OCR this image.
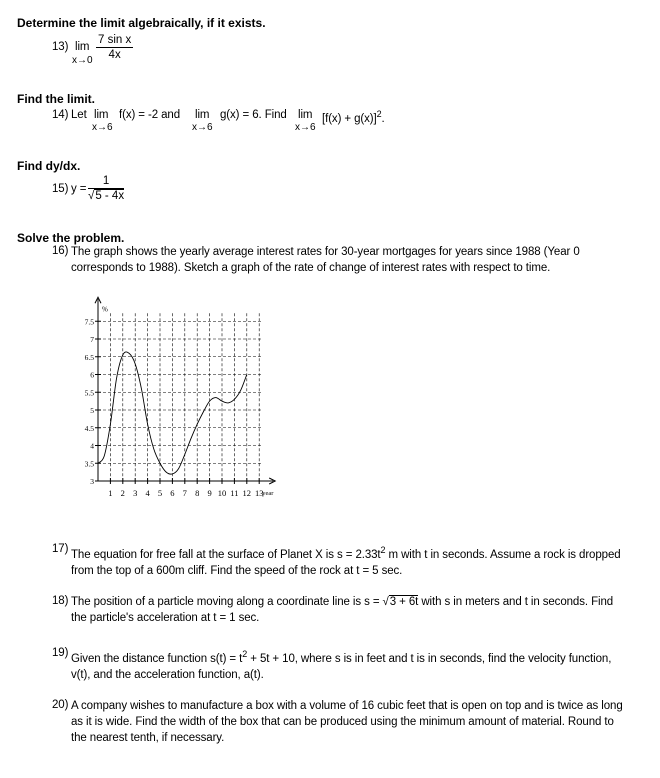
Determine the limit algebraically, if it exists.
13) lim
$x\to 0 \frac{\text{7 sin x}}{4x}$
Find the limit.
14) Let lim
x→6
f(x) = -2 and lim
x→6
g(x) = 6. Find lim
x→6
$[f(x) + g(x)]^2$.
Find dy/dx.
15) $y = \frac{1}{√5 - 4x}$
Solve the problem.
16) The graph shows the yearly average interest rates for 30-year mortgages for years since 1988 (Year 0
corresponds to 1988). Sketch a graph of the rate of change of interest rates with respect to time.
1 2 3 4 5 6 7 8 9 10 11 12 13
year
3
3.5
4
4.5
5
5.5
6
6.5
7
7.5
%
17) The equation for free fall at the surface of Planet X is $s = 2.33t^2$ m with t in seconds. Assume a rock is dropped
from the top of a 600m cliff. Find the speed of the rock at t = 5 sec.
18) The position of a particle moving along a coordinate line is s = √3 + 6t with s in meters and t in seconds. Find
the particle's acceleration at t = 1 sec.
19) Given the distance function $s(t) = t^2 + 5t + 10$, where s is in feet and t is in seconds, find the velocity function,
v(t), and the acceleration function, a(t).
20) A company wishes to manufacture a box with a volume of 16 cubic feet that is open on top and is twice as long
as it is wide. Find the width of the box that can be produced using the minimum amount of material. Round to
the nearest tenth, if necessary.
